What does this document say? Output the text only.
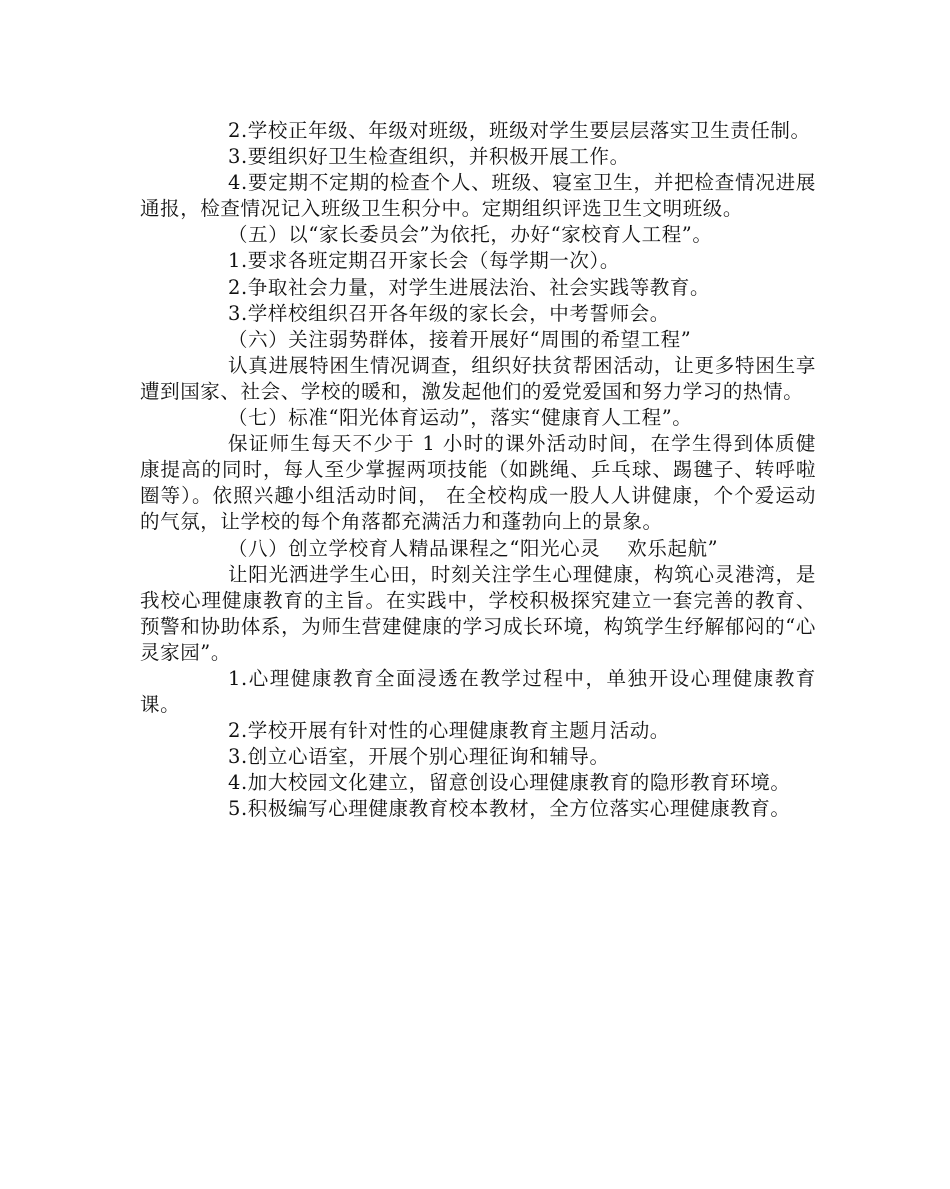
2.学校正年级、年级对班级，班级对学生要层层落实卫生责任制。

3.要组织好卫生检查组织，并积极开展工作。

4.要定期不定期的检查个人、班级、寝室卫生，并把检查情况进展通报，检查情况记入班级卫生积分中。定期组织评选卫生文明班级。

（五）以“家长委员会”为依托，办好“家校育人工程”。

1.要求各班定期召开家长会（每学期一次）。

2.争取社会力量，对学生进展法治、社会实践等教育。

3.学样校组织召开各年级的家长会，中考誓师会。

（六）关注弱势群体，接着开展好“周围的希望工程”

认真进展特困生情况调查，组织好扶贫帮困活动，让更多特困生享遭到国家、社会、学校的暖和，激发起他们的爱党爱国和努力学习的热情。

（七）标准“阳光体育运动”，落实“健康育人工程”。

保证师生每天不少于 1 小时的课外活动时间，在学生得到体质健康提高的同时，每人至少掌握两项技能（如跳绳、乒乓球、踢毽子、转呼啦圈等）。依照兴趣小组活动时间， 在全校构成一股人人讲健康，个个爱运动的气氛，让学校的每个角落都充满活力和蓬勃向上的景象。

（八）创立学校育人精品课程之“阳光心灵　 欢乐起航”

让阳光洒进学生心田，时刻关注学生心理健康，构筑心灵港湾，是我校心理健康教育的主旨。在实践中，学校积极探究建立一套完善的教育、预警和协助体系，为师生营建健康的学习成长环境，构筑学生纾解郁闷的“心灵家园”。

1.心理健康教育全面浸透在教学过程中，单独开设心理健康教育课。

2.学校开展有针对性的心理健康教育主题月活动。

3.创立心语室，开展个别心理征询和辅导。

4.加大校园文化建立，留意创设心理健康教育的隐形教育环境。

5.积极编写心理健康教育校本教材，全方位落实心理健康教育。
